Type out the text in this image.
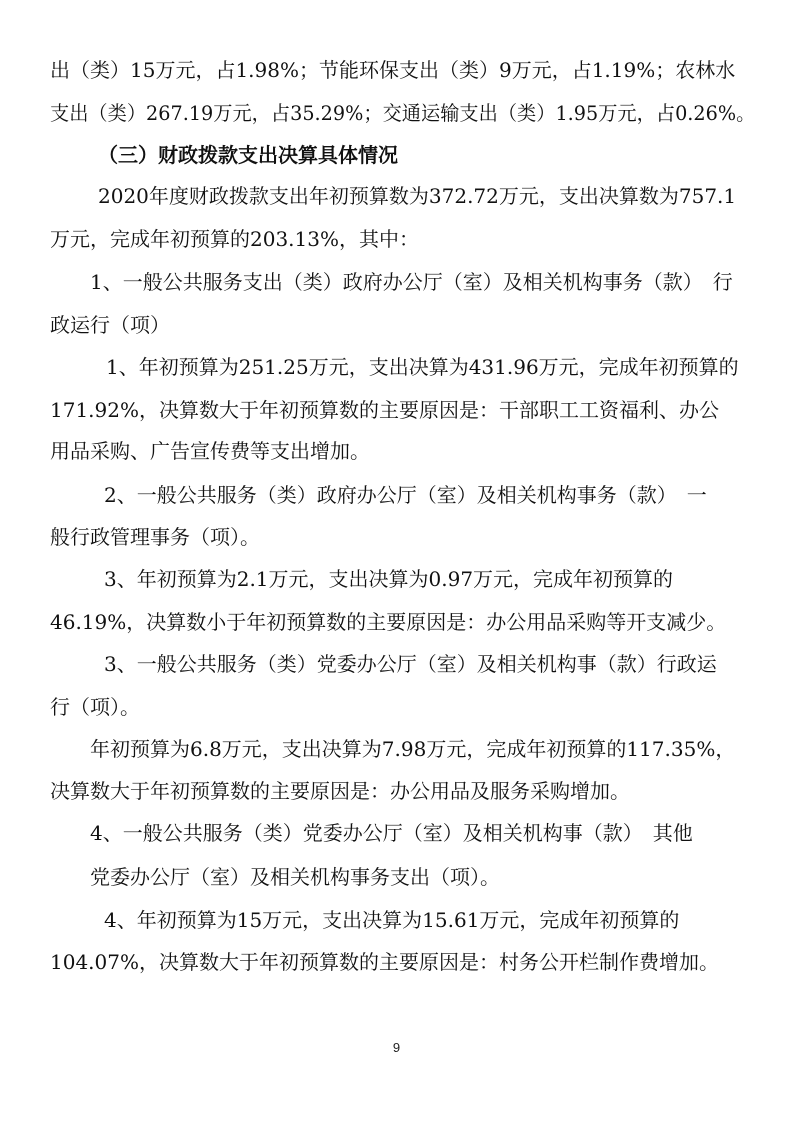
出（类）15万元，占1.98%；节能环保支出（类）9万元，占1.19%；农林水
支出（类）267.19万元，占35.29%；交通运输支出（类）1.95万元，占0.26%。
（三）财政拨款支出决算具体情况
2020年度财政拨款支出年初预算数为372.72万元，支出决算数为757.1
万元，完成年初预算的203.13%，其中：
1、一般公共服务支出（类）政府办公厅（室）及相关机构事务（款）　行
政运行（项）
1、年初预算为251.25万元，支出决算为431.96万元，完成年初预算的
171.92%，决算数大于年初预算数的主要原因是：干部职工工资福利、办公
用品采购、广告宣传费等支出增加。
2、一般公共服务（类）政府办公厅（室）及相关机构事务（款）　一
般行政管理事务（项）。
3、年初预算为2.1万元，支出决算为0.97万元，完成年初预算的
46.19%，决算数小于年初预算数的主要原因是：办公用品采购等开支减少。
3、一般公共服务（类）党委办公厅（室）及相关机构事（款）行政运
行（项）。
年初预算为6.8万元，支出决算为7.98万元，完成年初预算的117.35%，
决算数大于年初预算数的主要原因是：办公用品及服务采购增加。
4、一般公共服务（类）党委办公厅（室）及相关机构事（款）　其他
党委办公厅（室）及相关机构事务支出（项）。
4、年初预算为15万元，支出决算为15.61万元，完成年初预算的
104.07%，决算数大于年初预算数的主要原因是：村务公开栏制作费增加。
9
